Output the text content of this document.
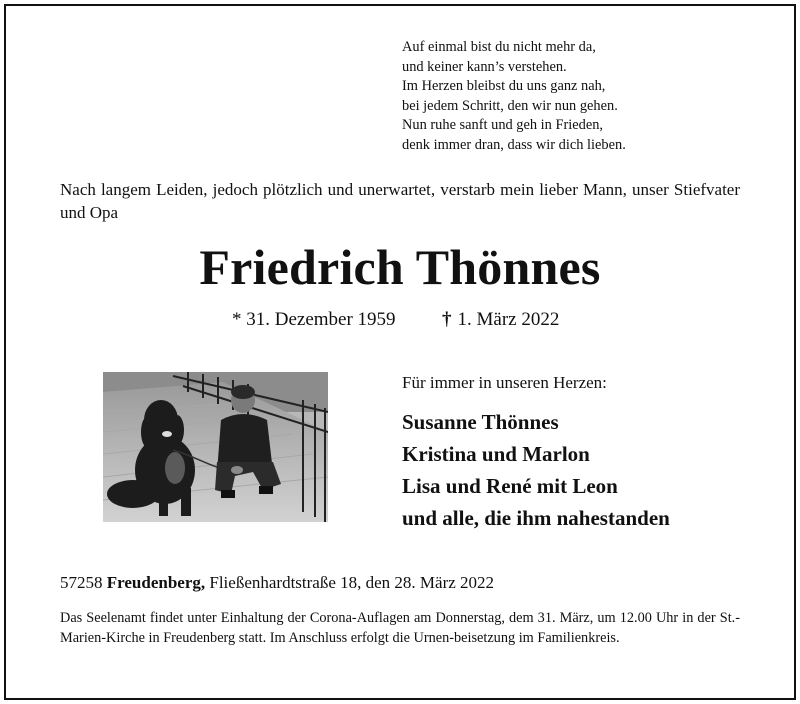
Auf einmal bist du nicht mehr da,
und keiner kann’s verstehen.
Im Herzen bleibst du uns ganz nah,
bei jedem Schritt, den wir nun gehen.
Nun ruhe sanft und geh in Frieden,
denk immer dran, dass wir dich lieben.
Nach langem Leiden, jedoch plötzlich und unerwartet, verstarb mein lieber Mann, unser Stiefvater und Opa
Friedrich Thönnes
* 31. Dezember 1959 † 1. März 2022
Für immer in unseren Herzen:
Susanne Thönnes
Kristina und Marlon
Lisa und René mit Leon
und alle, die ihm nahestanden
57258 Freudenberg, Fließenhardtstraße 18, den 28. März 2022
Das Seelenamt findet unter Einhaltung der Corona-Auflagen am Donnerstag, dem 31. März, um 12.00 Uhr in der St.-Marien-Kirche in Freudenberg statt. Im Anschluss erfolgt die Urnen-beisetzung im Familienkreis.
